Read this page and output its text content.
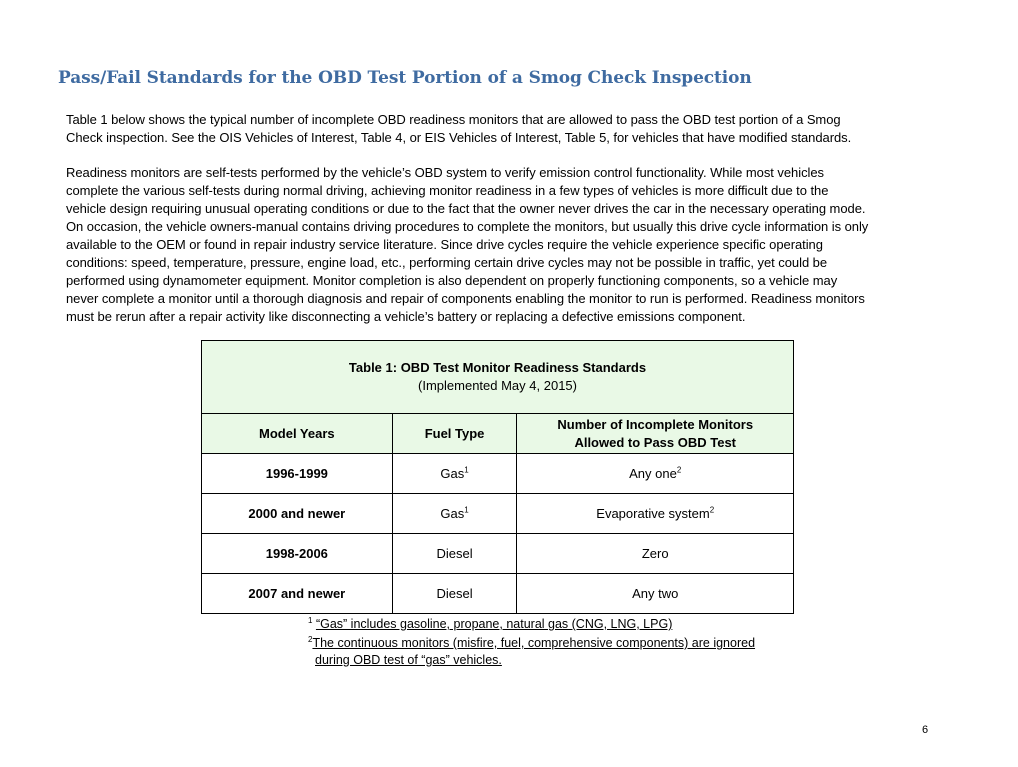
Pass/Fail Standards for the OBD Test Portion of a Smog Check Inspection

Table 1 below shows the typical number of incomplete OBD readiness monitors that are allowed to pass the OBD test portion of a Smog
Check inspection. See the OIS Vehicles of Interest, Table 4, or EIS Vehicles of Interest, Table 5, for vehicles that have modified standards.

Readiness monitors are self-tests performed by the vehicle’s OBD system to verify emission control functionality. While most vehicles
complete the various self-tests during normal driving, achieving monitor readiness in a few types of vehicles is more difficult due to the
vehicle design requiring unusual operating conditions or due to the fact that the owner never drives the car in the necessary operating mode.
On occasion, the vehicle owners-manual contains driving procedures to complete the monitors, but usually this drive cycle information is only
available to the OEM or found in repair industry service literature. Since drive cycles require the vehicle experience specific operating
conditions: speed, temperature, pressure, engine load, etc., performing certain drive cycles may not be possible in traffic, yet could be
performed using dynamometer equipment. Monitor completion is also dependent on properly functioning components, so a vehicle may
never complete a monitor until a thorough diagnosis and repair of components enabling the monitor to run is performed. Readiness monitors
must be rerun after a repair activity like disconnecting a vehicle’s battery or replacing a defective emissions component.

Table 1: OBD Test Monitor Readiness Standards
(Implemented May 4, 2015)		

Model Years	Fuel Type	Number of Incomplete Monitors
Allowed to Pass OBD Test

1996-1999	Gas$^1$	Any one$^2$
2000 and newer	Gas$^1$	Evaporative system$^2$
1998-2006	Diesel	Zero
2007 and newer	Diesel	Any two
$^1$ “Gas” includes gasoline, propane, natural gas (CNG, LNG, LPG)
$^2$The continuous monitors (misfire, fuel, comprehensive components) are ignored
during OBD test of “gas” vehicles.
6
